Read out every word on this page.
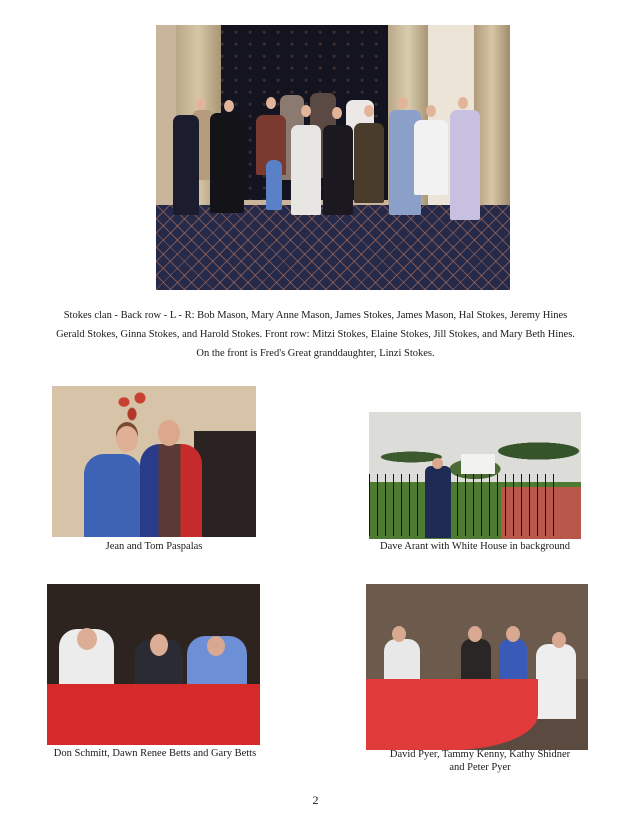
Stokes clan - Back row - L - R: Bob Mason, Mary Anne Mason, James Stokes, James Mason, Hal Stokes, Jeremy Hines
Gerald Stokes, Ginna Stokes, and Harold Stokes. Front row: Mitzi Stokes, Elaine Stokes, Jill Stokes, and Mary Beth Hines.
On the front is Fred's Great granddaughter, Linzi Stokes.
Jean and Tom Paspalas	Dave Arant with White House in background
Don Schmitt, Dawn Renee Betts and Gary Betts	David Pyer, Tammy Kenny, Kathy Shidner
and Peter Pyer
2
